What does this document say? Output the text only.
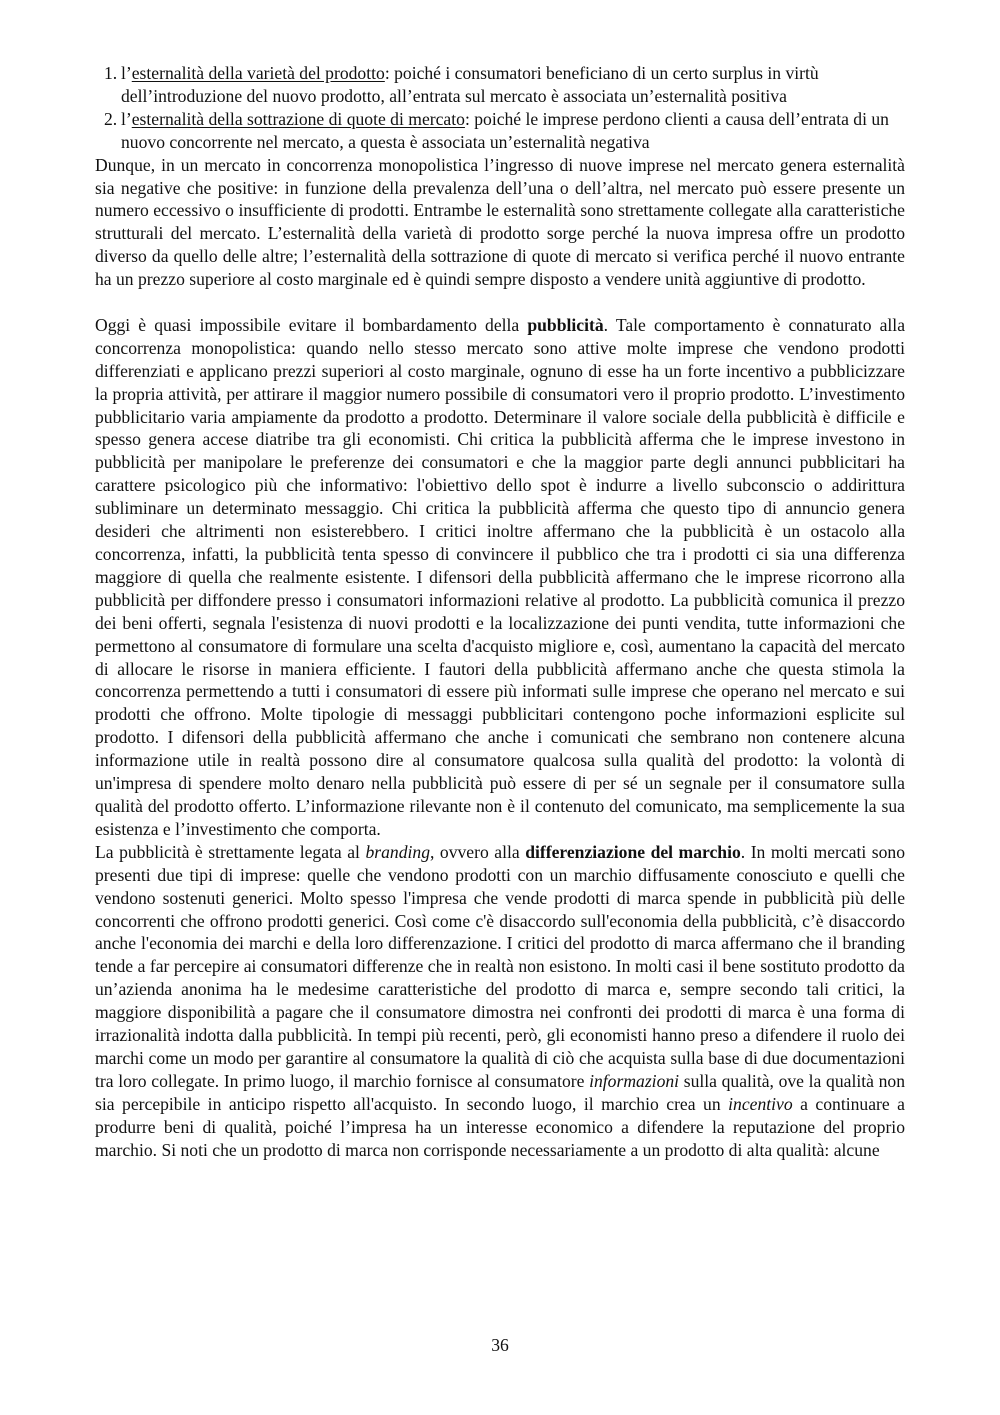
1. l’esternalità della varietà del prodotto: poiché i consumatori beneficiano di un certo surplus in virtù dell’introduzione del nuovo prodotto, all’entrata sul mercato è associata un’esternalità positiva
2. l’esternalità della sottrazione di quote di mercato: poiché le imprese perdono clienti a causa dell’entrata di un nuovo concorrente nel mercato, a questa è associata un’esternalità negativa

Dunque, in un mercato in concorrenza monopolistica l’ingresso di nuove imprese nel mercato genera esternalità sia negative che positive: in funzione della prevalenza dell’una o dell’altra, nel mercato può essere presente un numero eccessivo o insufficiente di prodotti. Entrambe le esternalità sono strettamente collegate alla caratteristiche strutturali del mercato. L’esternalità della varietà di prodotto sorge perché la nuova impresa offre un prodotto diverso da quello delle altre; l’esternalità della sottrazione di quote di mercato si verifica perché il nuovo entrante ha un prezzo superiore al costo marginale ed è quindi sempre disposto a vendere unità aggiuntive di prodotto.

Oggi è quasi impossibile evitare il bombardamento della pubblicità. Tale comportamento è connaturato alla concorrenza monopolistica: quando nello stesso mercato sono attive molte imprese che vendono prodotti differenziati e applicano prezzi superiori al costo marginale, ognuno di esse ha un forte incentivo a pubblicizzare la propria attività, per attirare il maggior numero possibile di consumatori vero il proprio prodotto. L’investimento pubblicitario varia ampiamente da prodotto a prodotto. Determinare il valore sociale della pubblicità è difficile e spesso genera accese diatribe tra gli economisti. Chi critica la pubblicità afferma che le imprese investono in pubblicità per manipolare le preferenze dei consumatori e che la maggior parte degli annunci pubblicitari ha carattere psicologico più che informativo: l'obiettivo dello spot è indurre a livello subconscio o addirittura subliminare un determinato messaggio. Chi critica la pubblicità afferma che questo tipo di annuncio genera desideri che altrimenti non esisterebbero. I critici inoltre affermano che la pubblicità è un ostacolo alla concorrenza, infatti, la pubblicità tenta spesso di convincere il pubblico che tra i prodotti ci sia una differenza maggiore di quella che realmente esistente. I difensori della pubblicità affermano che le imprese ricorrono alla pubblicità per diffondere presso i consumatori informazioni relative al prodotto. La pubblicità comunica il prezzo dei beni offerti, segnala l'esistenza di nuovi prodotti e la localizzazione dei punti vendita, tutte informazioni che permettono al consumatore di formulare una scelta d'acquisto migliore e, così, aumentano la capacità del mercato di allocare le risorse in maniera efficiente. I fautori della pubblicità affermano anche che questa stimola la concorrenza permettendo a tutti i consumatori di essere più informati sulle imprese che operano nel mercato e sui prodotti che offrono. Molte tipologie di messaggi pubblicitari contengono poche informazioni esplicite sul prodotto. I difensori della pubblicità affermano che anche i comunicati che sembrano non contenere alcuna informazione utile in realtà possono dire al consumatore qualcosa sulla qualità del prodotto: la volontà di un'impresa di spendere molto denaro nella pubblicità può essere di per sé un segnale per il consumatore sulla qualità del prodotto offerto. L’informazione rilevante non è il contenuto del comunicato, ma semplicemente la sua esistenza e l’investimento che comporta.

La pubblicità è strettamente legata al branding, ovvero alla differenziazione del marchio. In molti mercati sono presenti due tipi di imprese: quelle che vendono prodotti con un marchio diffusamente conosciuto e quelli che vendono sostenuti generici. Molto spesso l'impresa che vende prodotti di marca spende in pubblicità più delle concorrenti che offrono prodotti generici. Così come c'è disaccordo sull'economia della pubblicità, c’è disaccordo anche l'economia dei marchi e della loro differenzazione. I critici del prodotto di marca affermano che il branding tende a far percepire ai consumatori differenze che in realtà non esistono. In molti casi il bene sostituto prodotto da un’azienda anonima ha le medesime caratteristiche del prodotto di marca e, sempre secondo tali critici, la maggiore disponibilità a pagare che il consumatore dimostra nei confronti dei prodotti di marca è una forma di irrazionalità indotta dalla pubblicità. In tempi più recenti, però, gli economisti hanno preso a difendere il ruolo dei marchi come un modo per garantire al consumatore la qualità di ciò che acquista sulla base di due documentazioni tra loro collegate. In primo luogo, il marchio fornisce al consumatore informazioni sulla qualità, ove la qualità non sia percepibile in anticipo rispetto all'acquisto. In secondo luogo, il marchio crea un incentivo a continuare a produrre beni di qualità, poiché l’impresa ha un interesse economico a difendere la reputazione del proprio marchio. Si noti che un prodotto di marca non corrisponde necessariamente a un prodotto di alta qualità: alcune

36
